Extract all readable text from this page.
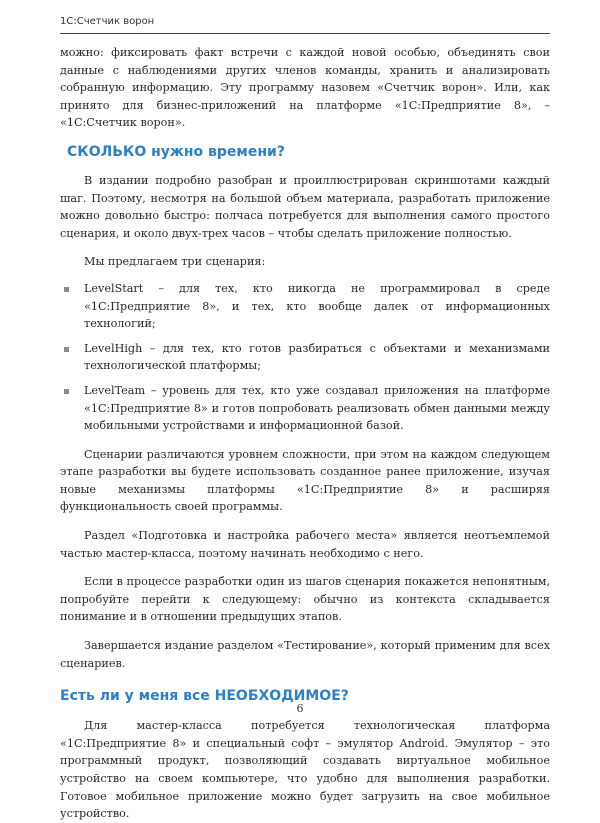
1С:Счетчик ворон

можно: фиксировать факт встречи с каждой новой особью, объединять свои данные с наблюдениями других членов команды, хранить и анализировать собранную информацию. Эту программу назовем «Счетчик ворон». Или, как принято для бизнес-приложений на платформе «1С:Предприятие 8», – «1С:Счетчик ворон».

СКОЛЬКО нужно времени?

В издании подробно разобран и проиллюстрирован скриншотами каждый шаг. Поэтому, несмотря на большой объем материала, разработать приложение можно довольно быстро: полчаса потребуется для выполнения самого простого сценария, и около двух-трех часов – чтобы сделать приложение полностью.

Мы предлагаем три сценария:

LevelStart – для тех, кто никогда не программировал в среде «1С:Предприятие 8», и тех, кто вообще далек от информационных технологий;

LevelHigh – для тех, кто готов разбираться с объектами и механизмами технологической платформы;

LevelTeam – уровень для тех, кто уже создавал приложения на платформе «1С:Предприятие 8» и готов попробовать реализовать обмен данными между мобильными устройствами и информационной базой.

Сценарии различаются уровнем сложности, при этом на каждом следующем этапе разработки вы будете использовать созданное ранее приложение, изучая новые механизмы платформы «1С:Предприятие 8» и расширяя функциональность своей программы.

Раздел «Подготовка и настройка рабочего места» является неотъемлемой частью мастер-класса, поэтому начинать необходимо с него.

Если в процессе разработки один из шагов сценария покажется непонятным, попробуйте перейти к следующему: обычно из контекста складывается понимание и в отношении предыдущих этапов.

Завершается издание разделом «Тестирование», который применим для всех сценариев.

Есть ли у меня все НЕОБХОДИМОЕ?

Для мастер-класса потребуется технологическая платформа «1С:Предприятие 8» и специальный софт – эмулятор Android. Эмулятор – это программный продукт, позволяющий создавать виртуальное мобильное устройство на своем компьютере, что удобно для выполнения разработки. Готовое мобильное приложение можно будет загрузить на свое мобильное устройство.

6
